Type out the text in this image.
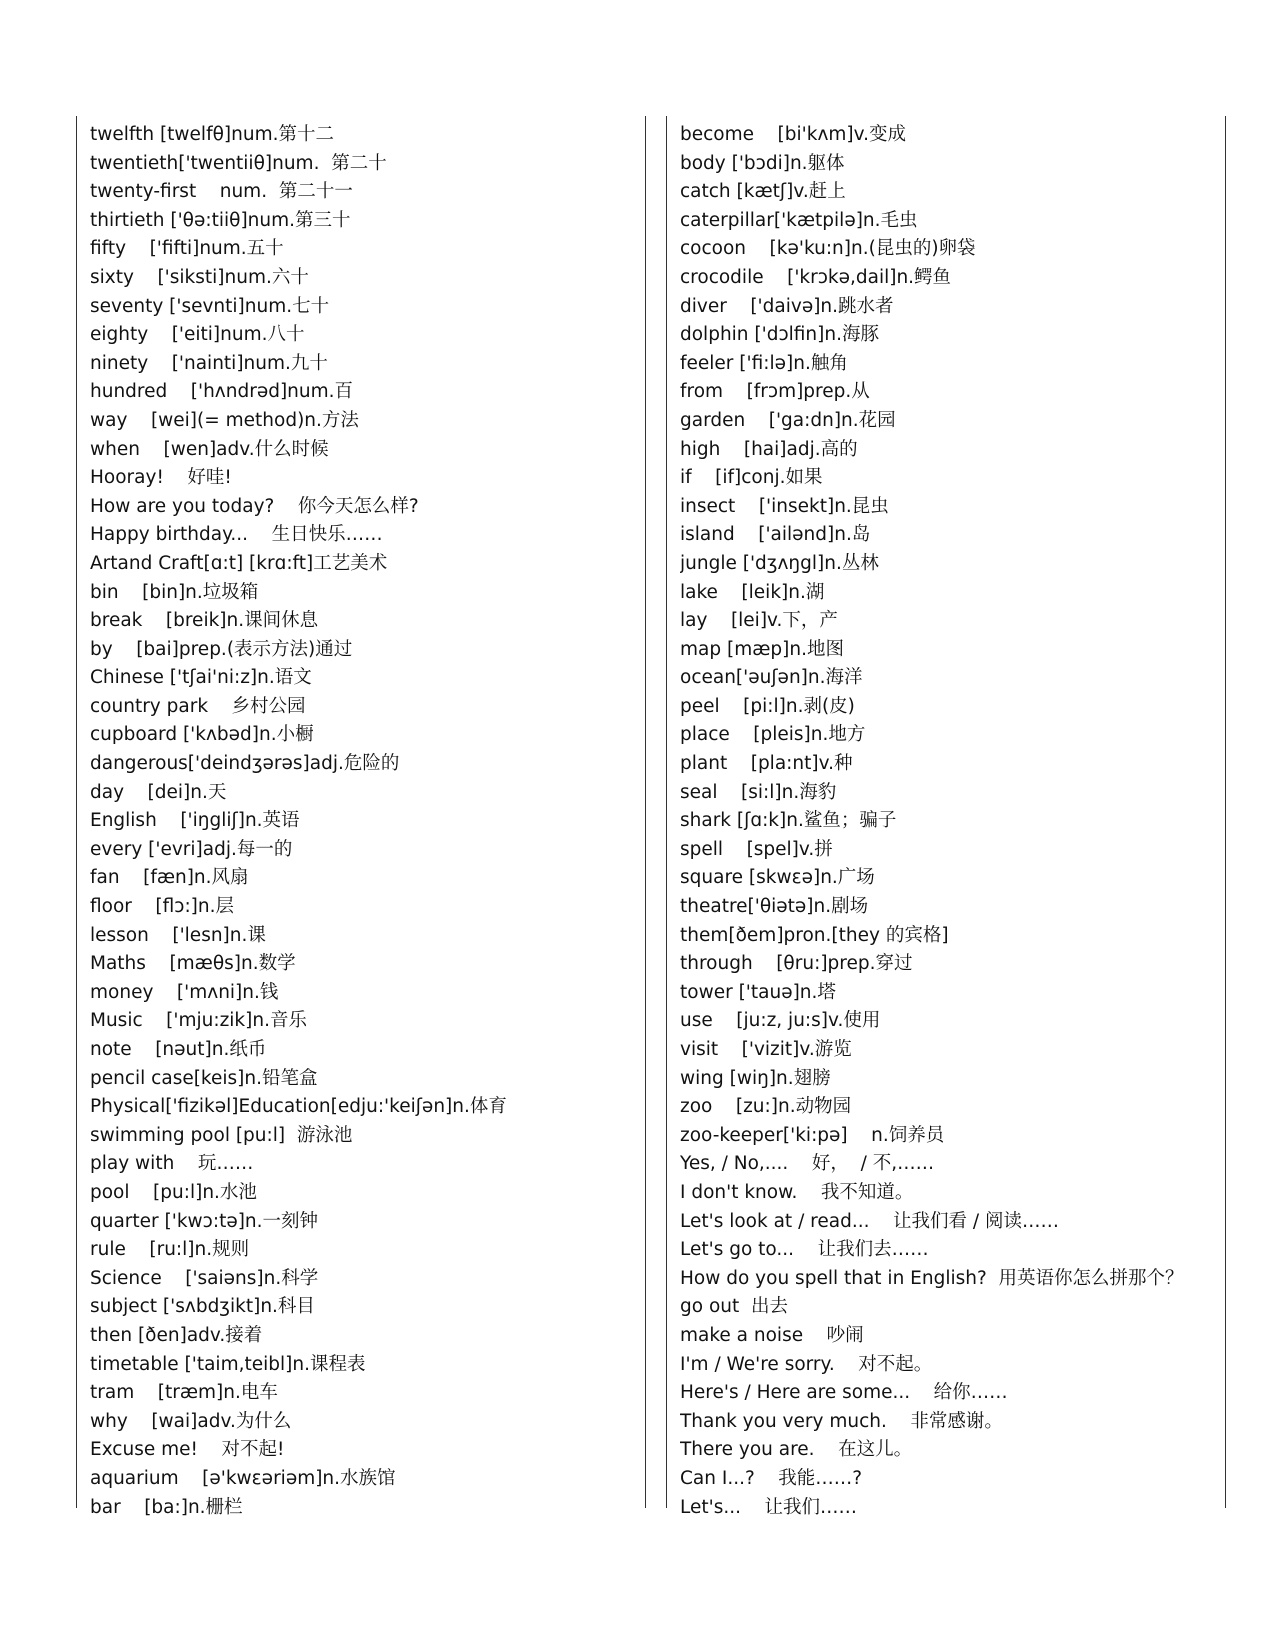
twelfth [twelfθ]num.第十二
twentieth['twentiiθ]num.  第二十
twenty-first    num.  第二十一
thirtieth ['θə:tiiθ]num.第三十
fifty    ['fifti]num.五十
sixty    ['siksti]num.六十
seventy ['sevnti]num.七十
eighty    ['eiti]num.八十
ninety    ['nainti]num.九十
hundred    ['hʌndrəd]num.百
way    [wei](= method)n.方法
when    [wen]adv.什么时候
Hooray!    好哇!
How are you today?    你今天怎么样?
Happy birthday...    生日快乐……
Artand Craft[ɑ:t] [krɑ:ft]工艺美术
bin    [bin]n.垃圾箱
break    [breik]n.课间休息
by    [bai]prep.(表示方法)通过
Chinese ['tʃai'ni:z]n.语文
country park    乡村公园
cupboard ['kʌbəd]n.小橱
dangerous['deindʒərəs]adj.危险的
day    [dei]n.天
English    ['iŋgliʃ]n.英语
every ['evri]adj.每一的
fan    [fæn]n.风扇
floor    [flɔ:]n.层
lesson    ['lesn]n.课
Maths    [mæθs]n.数学
money    ['mʌni]n.钱
Music    ['mju:zik]n.音乐
note    [nəut]n.纸币
pencil case[keis]n.铅笔盒
Physical['fizikəl]Education[edju:'keiʃən]n.体育
swimming pool [pu:l]  游泳池
play with    玩……
pool    [pu:l]n.水池
quarter ['kwɔ:tə]n.一刻钟
rule    [ru:l]n.规则
Science    ['saiəns]n.科学
subject ['sʌbdʒikt]n.科目
then [ðen]adv.接着
timetable ['taim,teibl]n.课程表
tram    [træm]n.电车
why    [wai]adv.为什么
Excuse me!    对不起!
aquarium    [ə'kwεəriəm]n.水族馆
bar    [ba:]n.栅栏
become    [bi'kʌm]v.变成
body ['bɔdi]n.躯体
catch [kætʃ]v.赶上
caterpillar['kætpilə]n.毛虫
cocoon    [kə'ku:n]n.(昆虫的)卵袋
crocodile    ['krɔkə,dail]n.鳄鱼
diver    ['daivə]n.跳水者
dolphin ['dɔlfin]n.海豚
feeler ['fi:lə]n.触角
from    [frɔm]prep.从
garden    ['ga:dn]n.花园
high    [hai]adj.高的
if    [if]conj.如果
insect    ['insekt]n.昆虫
island    ['ailənd]n.岛
jungle ['dʒʌŋgl]n.丛林
lake    [leik]n.湖
lay    [lei]v.下，产
map [mæp]n.地图
ocean['əuʃən]n.海洋
peel    [pi:l]n.剥(皮)
place    [pleis]n.地方
plant    [pla:nt]v.种
seal    [si:l]n.海豹
shark [ʃɑ:k]n.鲨鱼；骗子
spell    [spel]v.拼
square [skwεə]n.广场
theatre['θiətə]n.剧场
them[ðem]pron.[they 的宾格]
through    [θru:]prep.穿过
tower ['tauə]n.塔
use    [ju:z, ju:s]v.使用
visit    ['vizit]v.游览
wing [wiŋ]n.翅膀
zoo    [zu:]n.动物园
zoo-keeper['ki:pə]    n.饲养员
Yes, / No,....    好，  / 不,……
I don't know.    我不知道。
Let's look at / read...    让我们看 / 阅读……
Let's go to...    让我们去……
How do you spell that in English?  用英语你怎么拼那个？
go out  出去
make a noise    吵闹
I'm / We're sorry.    对不起。
Here's / Here are some...    给你……
Thank you very much.    非常感谢。
There you are.    在这儿。
Can I...?    我能……?
Let's...    让我们……
